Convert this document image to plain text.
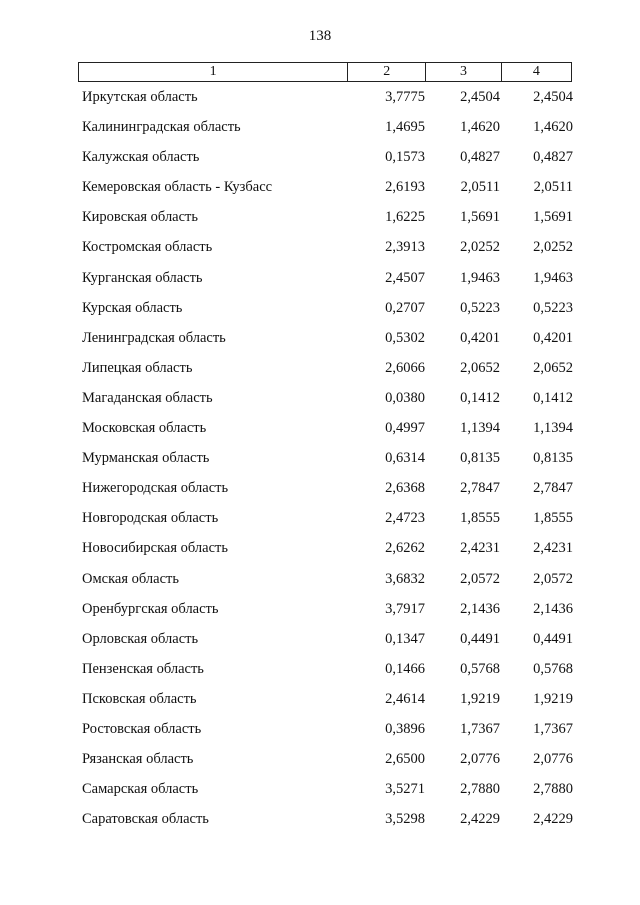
138
1	2	3	4
Иркутская область	3,7775 2,4504 2,4504
Калининградская область	1,4695 1,4620 1,4620
Калужская область	0,1573 0,4827 0,4827
Кемеровская область - Кузбасс	2,6193 2,0511 2,0511
Кировская область	1,6225 1,5691 1,5691
Костромская область	2,3913 2,0252 2,0252
Курганская область	2,4507 1,9463 1,9463
Курская область	0,2707 0,5223 0,5223
Ленинградская область	0,5302 0,4201 0,4201
Липецкая область	2,6066 2,0652 2,0652
Магаданская область	0,0380 0,1412 0,1412
Московская область	0,4997 1,1394 1,1394
Мурманская область	0,6314 0,8135 0,8135
Нижегородская область	2,6368 2,7847 2,7847
Новгородская область	2,4723 1,8555 1,8555
Новосибирская область	2,6262 2,4231 2,4231
Омская область	3,6832 2,0572 2,0572
Оренбургская область	3,7917 2,1436 2,1436
Орловская область	0,1347 0,4491 0,4491
Пензенская область	0,1466 0,5768 0,5768
Псковская область	2,4614 1,9219 1,9219
Ростовская область	0,3896 1,7367 1,7367
Рязанская область	2,6500 2,0776 2,0776
Самарская область	3,5271 2,7880 2,7880
Саратовская область	3,5298 2,4229 2,4229
